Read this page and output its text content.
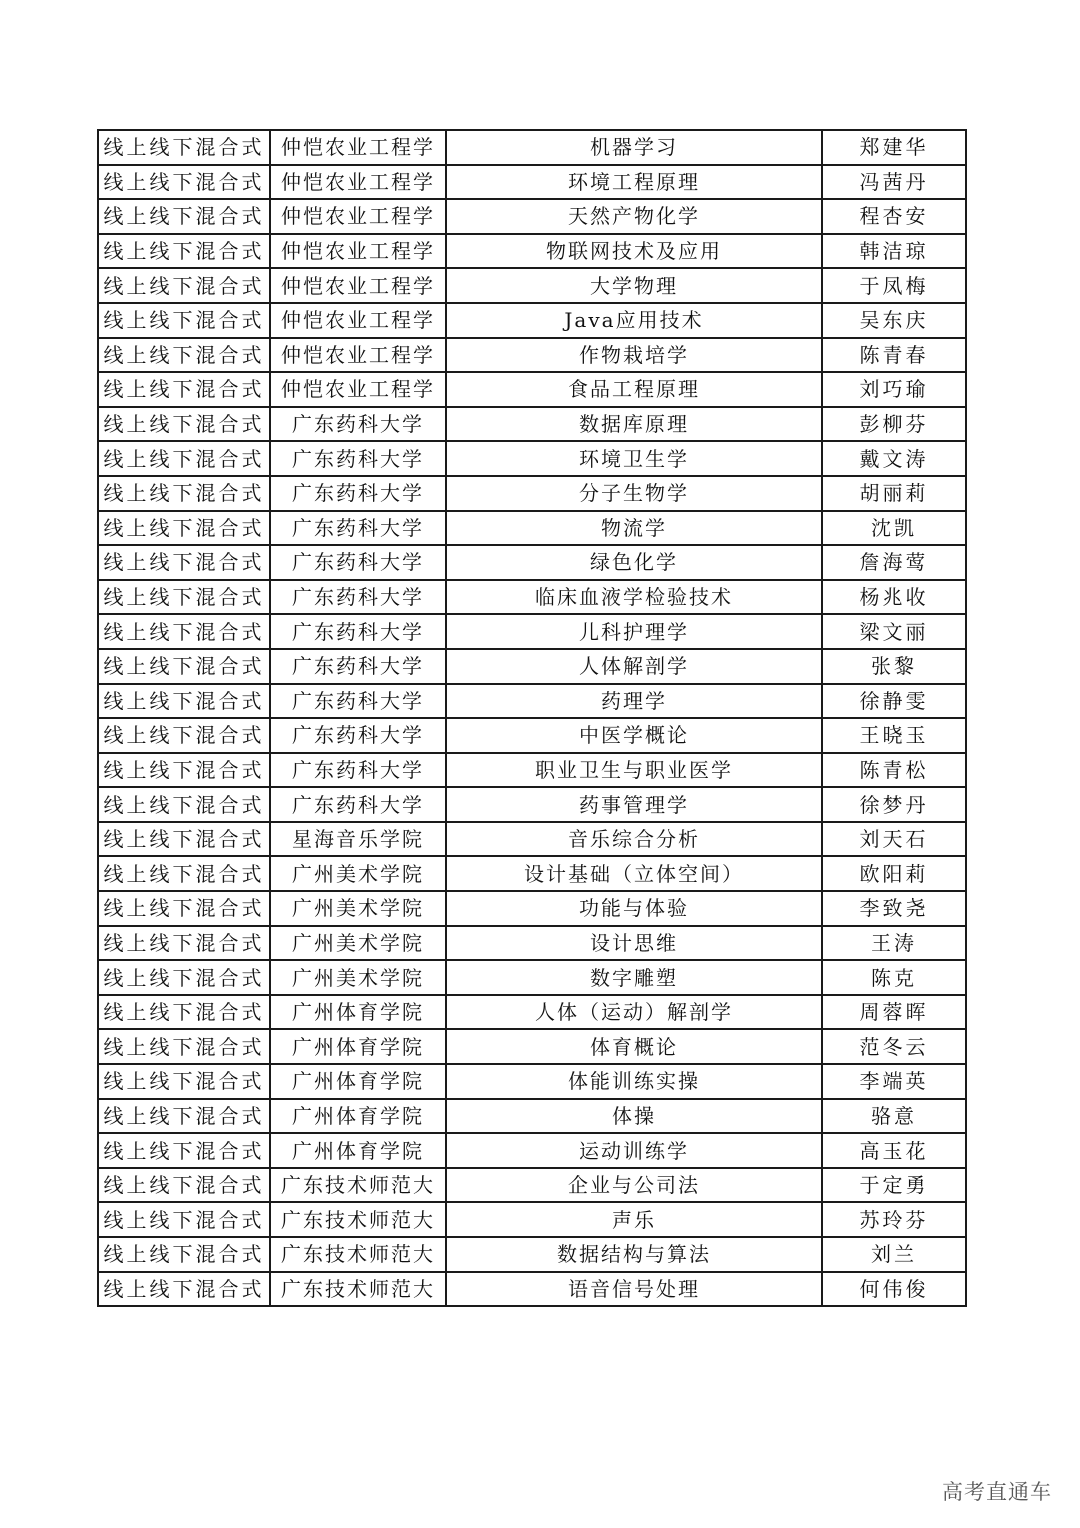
线上线下混合式	仲恺农业工程学	机器学习	郑建华
线上线下混合式	仲恺农业工程学	环境工程原理	冯茜丹
线上线下混合式	仲恺农业工程学	天然产物化学	程杏安
线上线下混合式	仲恺农业工程学	物联网技术及应用	韩洁琼
线上线下混合式	仲恺农业工程学	大学物理	于凤梅
线上线下混合式	仲恺农业工程学	Java应用技术	吴东庆
线上线下混合式	仲恺农业工程学	作物栽培学	陈青春
线上线下混合式	仲恺农业工程学	食品工程原理	刘巧瑜
线上线下混合式	广东药科大学	数据库原理	彭柳芬
线上线下混合式	广东药科大学	环境卫生学	戴文涛
线上线下混合式	广东药科大学	分子生物学	胡丽莉
线上线下混合式	广东药科大学	物流学	沈凯
线上线下混合式	广东药科大学	绿色化学	詹海莺
线上线下混合式	广东药科大学	临床血液学检验技术	杨兆收
线上线下混合式	广东药科大学	儿科护理学	梁文丽
线上线下混合式	广东药科大学	人体解剖学	张黎
线上线下混合式	广东药科大学	药理学	徐静雯
线上线下混合式	广东药科大学	中医学概论	王晓玉
线上线下混合式	广东药科大学	职业卫生与职业医学	陈青松
线上线下混合式	广东药科大学	药事管理学	徐梦丹
线上线下混合式	星海音乐学院	音乐综合分析	刘天石
线上线下混合式	广州美术学院	设计基础（立体空间）	欧阳莉
线上线下混合式	广州美术学院	功能与体验	李致尧
线上线下混合式	广州美术学院	设计思维	王涛
线上线下混合式	广州美术学院	数字雕塑	陈克
线上线下混合式	广州体育学院	人体（运动）解剖学	周蓉晖
线上线下混合式	广州体育学院	体育概论	范冬云
线上线下混合式	广州体育学院	体能训练实操	李端英
线上线下混合式	广州体育学院	体操	骆意
线上线下混合式	广州体育学院	运动训练学	高玉花
线上线下混合式	广东技术师范大	企业与公司法	于定勇
线上线下混合式	广东技术师范大	声乐	苏玲芬
线上线下混合式	广东技术师范大	数据结构与算法	刘兰
线上线下混合式	广东技术师范大	语音信号处理	何伟俊
高考直通车
